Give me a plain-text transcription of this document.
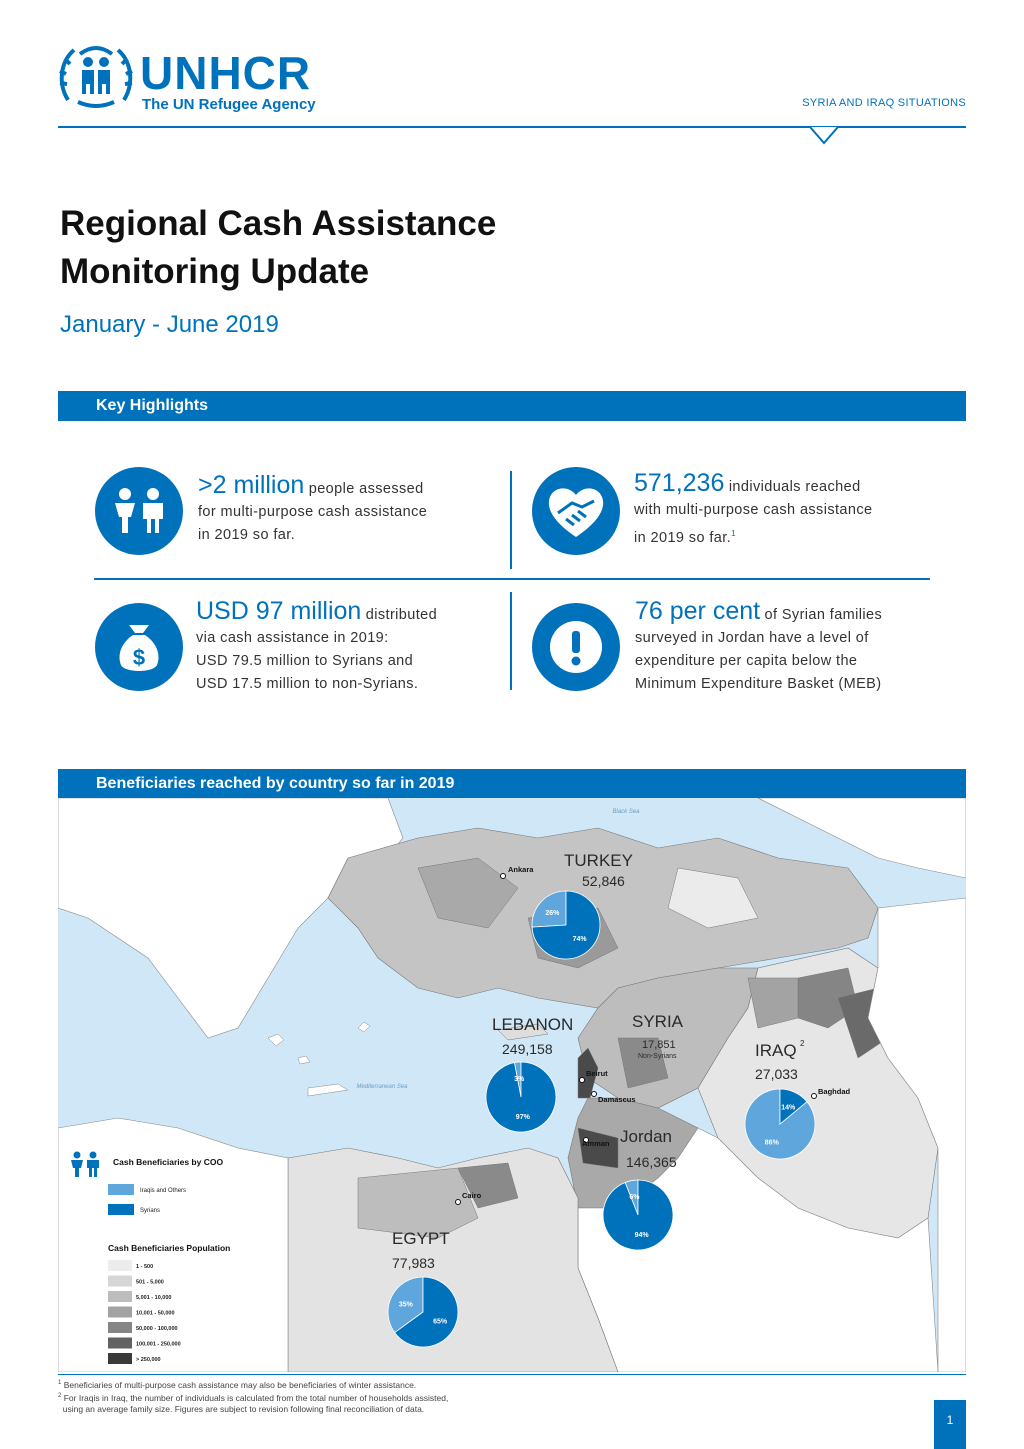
UNHCR
The UN Refugee Agency	SYRIA AND IRAQ SITUATIONS
Regional Cash Assistance
Monitoring Update
January - June 2019
Key Highlights
>2 million people assessed
for multi-purpose cash assistance
in 2019 so far.
571,236 individuals reached
with multi-purpose cash assistance
in 2019 so far.$^1$
$
USD 97 million distributed
via cash assistance in 2019:
USD 79.5 million to Syrians and
USD 17.5 million to non-Syrians.
76 per cent of Syrian families
surveyed in Jordan have a level of
expenditure per capita below the
Minimum Expenditure Basket (MEB)
Beneficiaries reached by country so far in 2019
Black Sea
Mediterranean Sea
Ankara
Beirut
Damascus
Amman
Baghdad
Cairo
TURKEY
52,846
LEBANON
249,158
SYRIA
17,851
Non-Syrians	IRAQ 2
27,033
Jordan
146,365
EGYPT
77,983
26%
74%
3%
97%
86%
14%
6%
94%
35%
65%
Cash Beneficiaries by COO
Iraqis and Others
Syrians
Cash Beneficiaries Population
1 - 500
501 - 5,000
5,001 - 10,000
10,001 - 50,000
50,000 - 100,000
100,001 - 250,000
> 250,000
$^1$ Beneficiaries of multi-purpose cash assistance may also be beneficiaries of winter assistance.
$^2$ For Iraqis in Iraq, the number of individuals is calculated from the total number of households assisted,
using an average family size. Figures are subject to revision following final reconciliation of data.
1
